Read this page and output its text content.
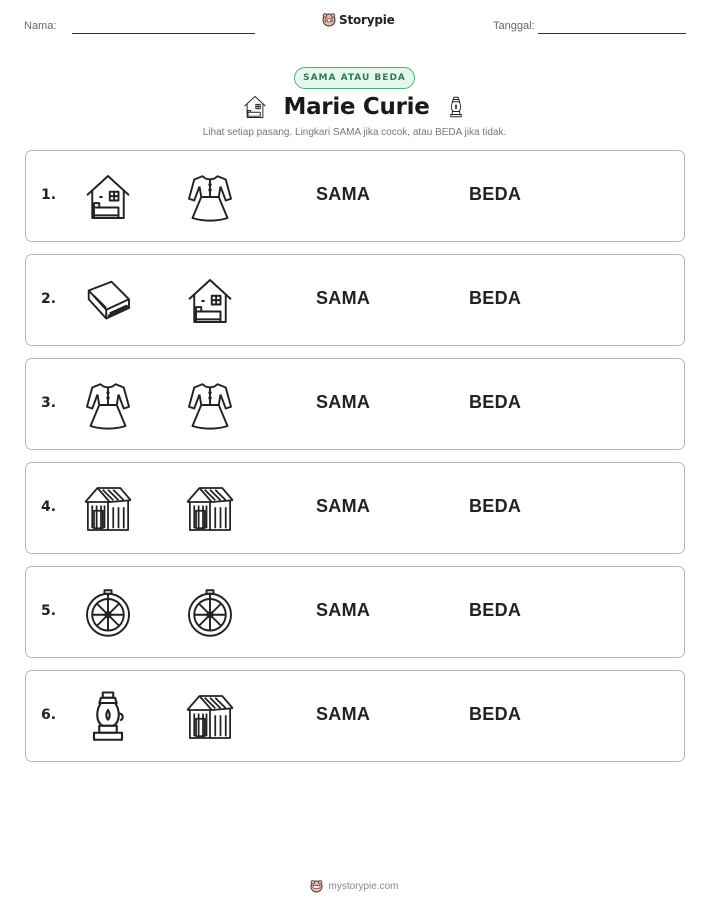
Nama:	Storypie	Tanggal:
SAMA ATAU BEDA
Marie Curie
Lihat setiap pasang. Lingkari SAMA jika cocok, atau BEDA jika tidak.
1.	SAMA	BEDA
2.	SAMA	BEDA
3.	SAMA	BEDA
4.	SAMA	BEDA
5.	SAMA	BEDA
6.	SAMA	BEDA
mystorypie.com
